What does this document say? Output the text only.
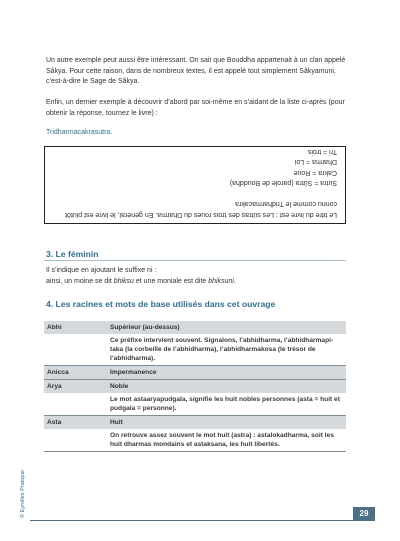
Un autre exemple peut aussi être intéressant. On sait que Bouddha appartenait à un clan appelé Sâkya. Pour cette raison, dans de nombreux textes, il est appelé tout simplement Sâkyamuni, c’est-à-dire le Sage de Sâkya.

Enfin, un dernier exemple à découvrir d’abord par soi-même en s’aidant de la liste ci-après (pour obtenir la réponse, tournez le livre) :

Tridharmacakrasutra.

Le titre du livre est : Les sûtras des trois roues du Dharma. En général, le livre est plutôt
connu comme le Tridharmacakra
Sutra = Sûtra (parole de Bouddha)
Cakra = Roue
Dharma = Loi
Tri = trois
3. Le féminin

Il s’indique en ajoutant le suffixe ni :

ainsi, un moine se dit bhiksu et une moniale est dite bhiksuni.

4. Les racines et mots de base utilisés dans cet ouvrage
Abhi	Supérieur (au-dessus)
Ce préfixe intervient souvent. Signalons, l’abhidharma, l’abhidharmapi-taka (la corbeille de l’abhidharma), l’abhidharmakosa (le trésor de l’abhidharma).
Anicca	Impermanence
Arya	Noble
Le mot astaaryapudgala, signifie les huit nobles personnes (asta = huit et pudgala = personne).
Asta	Huit
On retrouve assez souvent le mot huit (astra) : astalokadharma, soit les huit dharmas mondains et astaksana, les huit libertés.
© Eyrolles Pratique	29
